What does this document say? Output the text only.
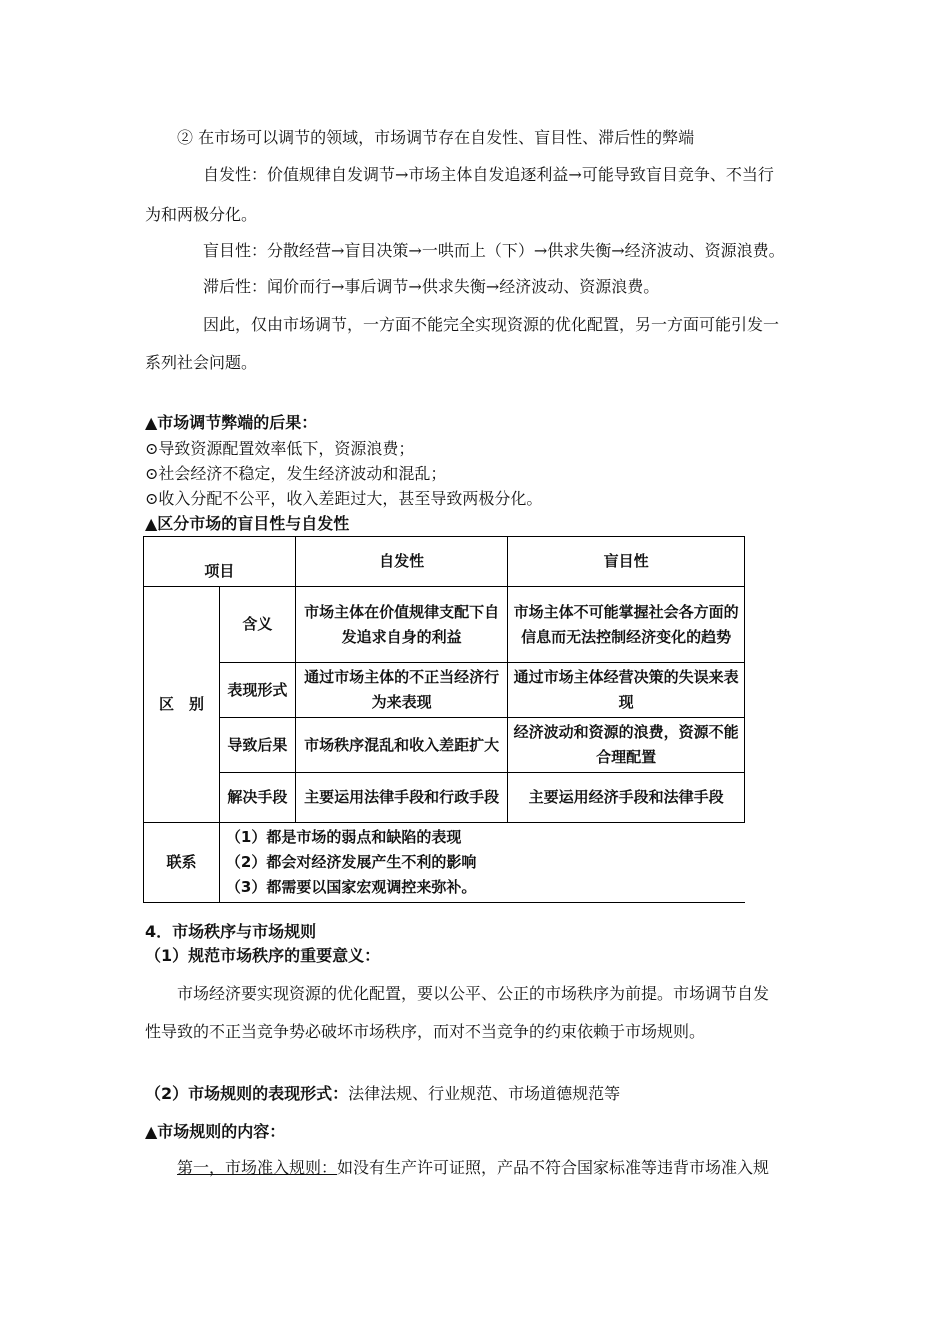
② 在市场可以调节的领域，市场调节存在自发性、盲目性、滞后性的弊端
自发性：价值规律自发调节→市场主体自发追逐利益→可能导致盲目竞争、不当行
为和两极分化。
盲目性：分散经营→盲目决策→一哄而上（下）→供求失衡→经济波动、资源浪费。
滞后性：闻价而行→事后调节→供求失衡→经济波动、资源浪费。
因此，仅由市场调节，一方面不能完全实现资源的优化配置，另一方面可能引发一
系列社会问题。
▲市场调节弊端的后果：
⊙导致资源配置效率低下，资源浪费；
⊙社会经济不稳定，发生经济波动和混乱；
⊙收入分配不公平，收入差距过大，甚至导致两极分化。
▲区分市场的盲目性与自发性
项目		自发性	盲目性
区　别	含义	市场主体在价值规律支配下自发追求自身的利益	市场主体不可能掌握社会各方面的信息而无法控制经济变化的趋势
	表现形式	通过市场主体的不正当经济行为来表现	通过市场主体经营决策的失误来表现
	导致后果	市场秩序混乱和收入差距扩大	经济波动和资源的浪费，资源不能合理配置
	解决手段	主要运用法律手段和行政手段	主要运用经济手段和法律手段
联系	（1）都是市场的弱点和缺陷的表现
（2）都会对经济发展产生不利的影响
（3）都需要以国家宏观调控来弥补。		
4．市场秩序与市场规则
（1）规范市场秩序的重要意义：
市场经济要实现资源的优化配置，要以公平、公正的市场秩序为前提。市场调节自发
性导致的不正当竞争势必破坏市场秩序，而对不当竞争的约束依赖于市场规则。
（2）市场规则的表现形式：法律法规、行业规范、市场道德规范等
▲市场规则的内容：
第一，市场准入规则：如没有生产许可证照，产品不符合国家标准等违背市场准入规
